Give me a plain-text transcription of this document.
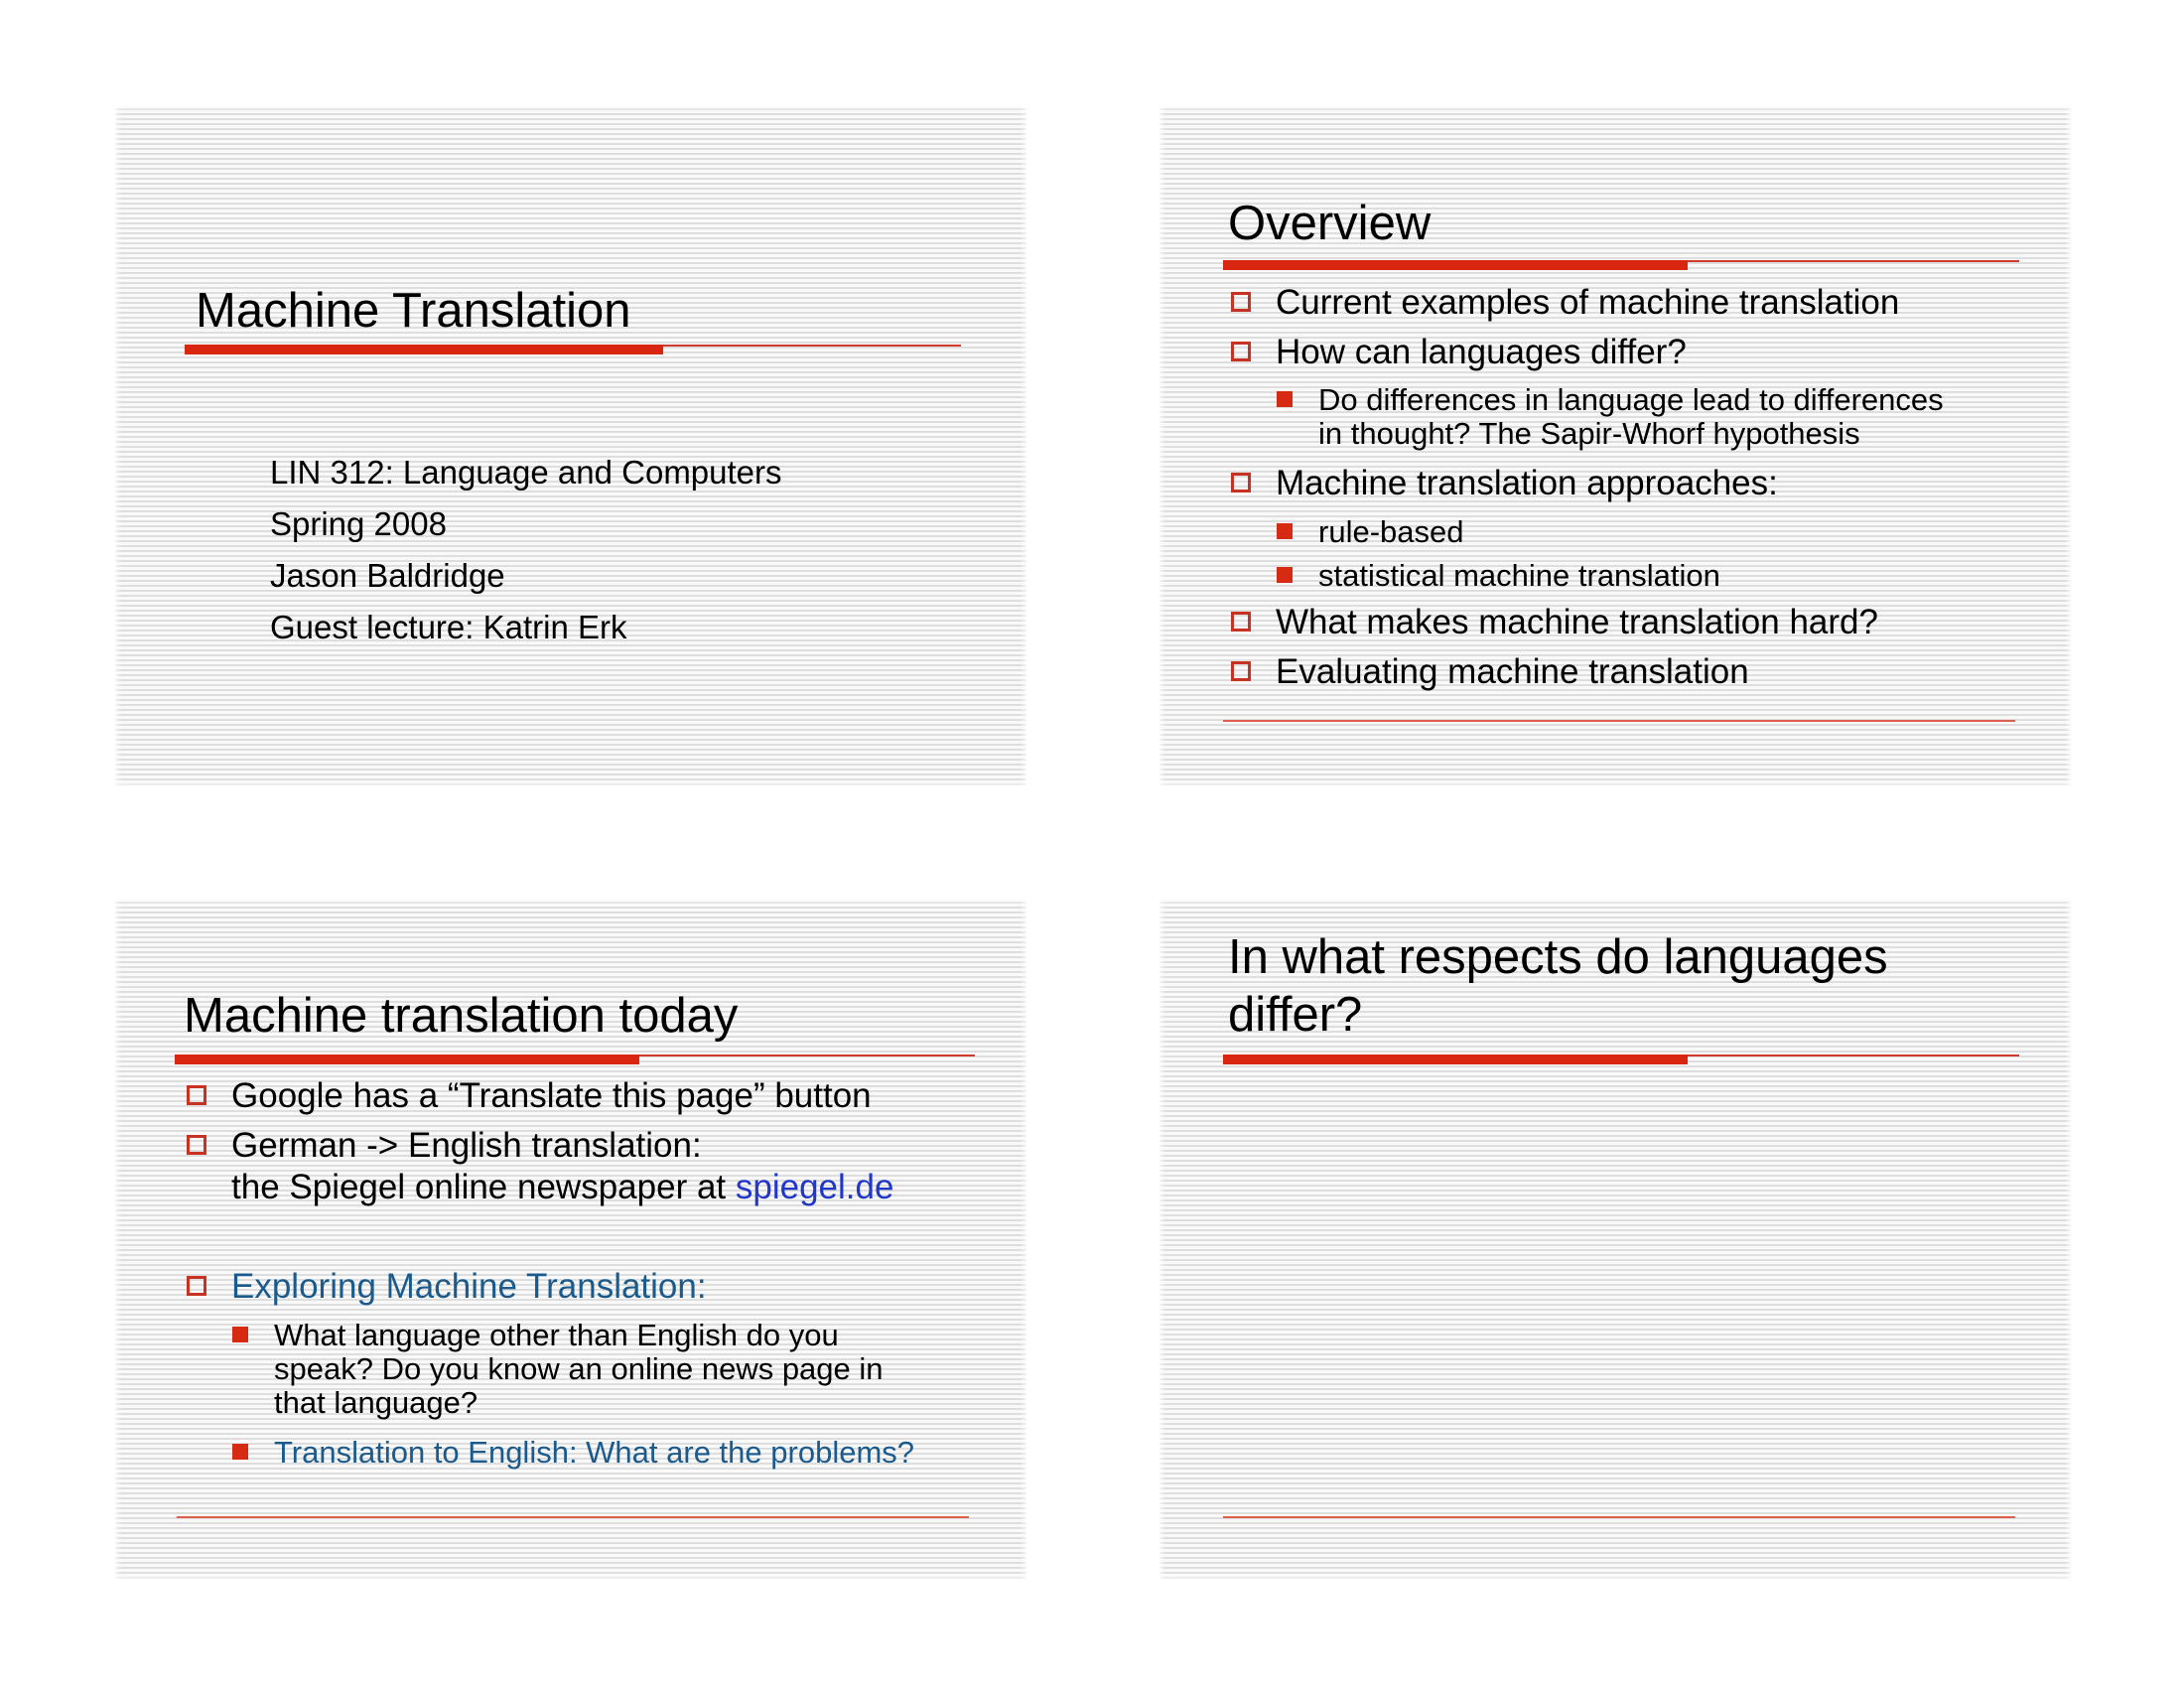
Machine Translation
LIN 312: Language and Computers
Spring 2008
Jason Baldridge
Guest lecture: Katrin Erk
Overview
Current examples of machine translation
How can languages differ?
Do differences in language lead to differences
in thought? The Sapir-Whorf hypothesis
Machine translation approaches:
rule-based
statistical machine translation
What makes machine translation hard?
Evaluating machine translation
Machine translation today
Google has a “Translate this page” button
German -> English translation:
the Spiegel online newspaper at spiegel.de
Exploring Machine Translation:
What language other than English do you
speak? Do you know an online news page in
that language?
Translation to English: What are the problems?
In what respects do languages
differ?
